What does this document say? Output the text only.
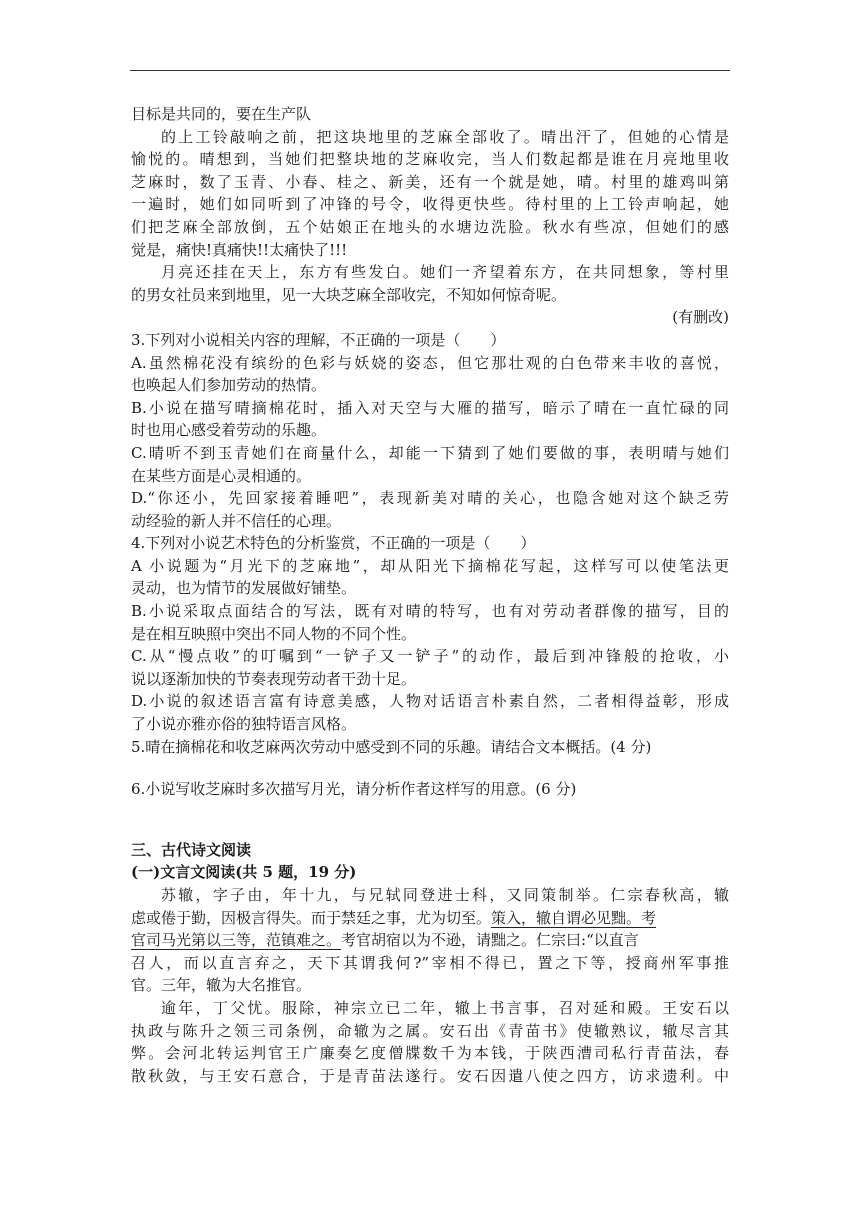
目标是共同的，要在生产队
的上工铃敲响之前，把这块地里的芝麻全部收了。晴出汗了，但她的心情是
愉悦的。晴想到，当她们把整块地的芝麻收完，当人们数起都是谁在月亮地里收
芝麻时，数了玉青、小春、桂之、新美，还有一个就是她，晴。村里的雄鸡叫第
一遍时，她们如同听到了冲锋的号令，收得更快些。待村里的上工铃声响起，她
们把芝麻全部放倒，五个姑娘正在地头的水塘边洗脸。秋水有些凉，但她们的感
觉是，痛快!真痛快!!太痛快了!!!
月亮还挂在天上，东方有些发白。她们一齐望着东方，在共同想象，等村里
的男女社员来到地里，见一大块芝麻全部收完，不知如何惊奇呢。
(有删改)
3.下列对小说相关内容的理解，不正确的一项是（　　）
A.虽然棉花没有缤纷的色彩与妖娆的姿态，但它那壮观的白色带来丰收的喜悦，
也唤起人们参加劳动的热情。
B.小说在描写晴摘棉花时，插入对天空与大雁的描写，暗示了晴在一直忙碌的同
时也用心感受着劳动的乐趣。
C.晴听不到玉青她们在商量什么，却能一下猜到了她们要做的事，表明晴与她们
在某些方面是心灵相通的。
D.“你还小，先回家接着睡吧”，表现新美对晴的关心，也隐含她对这个缺乏劳
动经验的新人并不信任的心理。
4.下列对小说艺术特色的分析鉴赏，不正确的一项是（　　）
A 小说题为“月光下的芝麻地”，却从阳光下摘棉花写起，这样写可以使笔法更
灵动，也为情节的发展做好铺垫。
B.小说采取点面结合的写法，既有对晴的特写，也有对劳动者群像的描写，目的
是在相互映照中突出不同人物的不同个性。
C.从“慢点收”的叮嘱到“一铲子又一铲子”的动作，最后到冲锋般的抢收，小
说以逐渐加快的节奏表现劳动者干劲十足。
D.小说的叙述语言富有诗意美感，人物对话语言朴素自然，二者相得益彰，形成
了小说亦雅亦俗的独特语言风格。
5.晴在摘棉花和收芝麻两次劳动中感受到不同的乐趣。请结合文本概括。(4 分)
6.小说写收芝麻时多次描写月光，请分析作者这样写的用意。(6 分)
三、古代诗文阅读
(一)文言文阅读(共 5 题，19 分)
苏辙，字子由，年十九，与兄轼同登进士科，又同策制举。仁宗春秋高，辙
虑或倦于勤，因极言得失。而于禁廷之事，尤为切至。策入，辙自谓必见黜。考
官司马光第以三等，范镇难之。考官胡宿以为不逊，请黜之。仁宗曰:“以直言
召人，而以直言弃之，天下其谓我何?”宰相不得已，置之下等，授商州军事推
官。三年，辙为大名推官。
逾年，丁父忧。服除，神宗立已二年，辙上书言事，召对延和殿。王安石以
执政与陈升之领三司条例，命辙为之属。安石出《青苗书》使辙熟议，辙尽言其
弊。会河北转运判官王广廉奏乞度僧牒数千为本钱，于陕西漕司私行青苗法，春
散秋敛，与王安石意合，于是青苗法遂行。安石因遣八使之四方，访求遗利。中
